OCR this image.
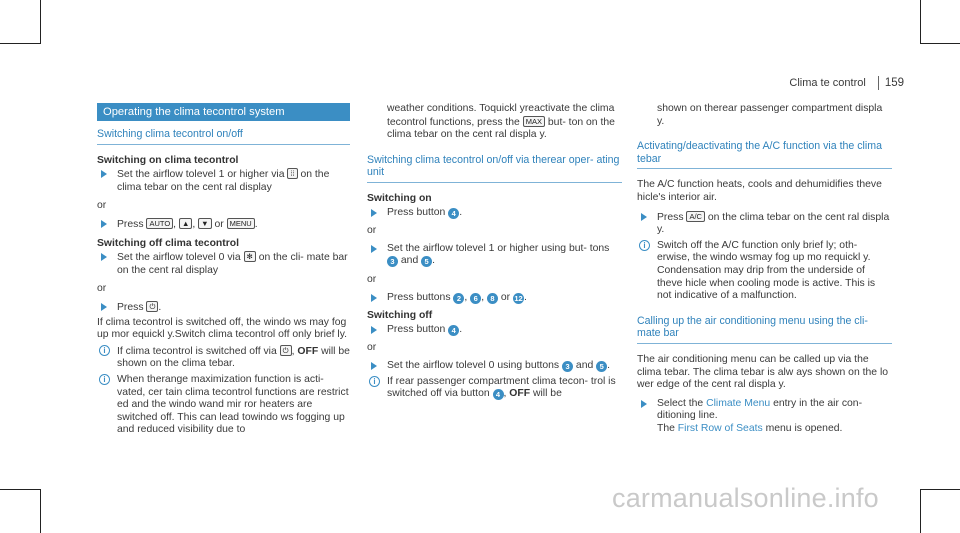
Clima te control 159
Operating the clima tecontrol system
Switching clima tecontrol on/off
Switching on clima tecontrol
Set the airflow tolevel 1 or higher via ⁞⁞ on the clima tebar on the cent ral display
or
Press AUTO , ▲ , ▼ or MENU .
Switching off clima tecontrol
Set the airflow tolevel 0 via ✻ on the cli‐ mate bar on the cent ral display
or
Press ⏻ .
If clima tecontrol is switched off, the windo ws may fog up mor equickl y.Switch clima tecontrol off only brief ly.
i	If clima tecontrol is switched off via ⏻ , OFF will be shown on the clima tebar.
i	When therange maximization function is acti‐ vated, cer tain clima tecontrol functions are restrict ed and the windo wand mir ror heaters are switched off. This can lead towindo ws fogging up and reduced visibility due to
weather conditions. Toquickl yreactivate the clima tecontrol functions, press the MAX but‐ ton on the clima tebar on the cent ral displa y.
Switching clima tecontrol on/off via therear oper‐ ating unit
Switching on
Press button 4 .
or
Set the airflow tolevel 1 or higher using but‐ tons 3 and 5 .
or
Press buttons 2 , 6 , 8 or 12.
Switching off
Press button 4 .
or
Set the airflow tolevel 0 using buttons 3 and 5 .
i	If rear passenger compartment clima tecon‐ trol is switched off via button 4 , OFF will be
shown on therear passenger compartment displa y.
Activating/deactivating the A/C function via the clima tebar
The A/C function heats, cools and dehumidifies theve hicle's interior air.
Press A/C on the clima tebar on the cent ral displa y.
i	Switch off the A/C function only brief ly; oth‐ erwise, the windo wsmay fog up mo requickl y. Condensation may drip from the underside of theve hicle when cooling mode is active. This is not indicative of a malfunction.
Calling up the air conditioning menu using the cli‐ mate bar
The air conditioning menu can be called up via the clima tebar. The clima tebar is alw ays shown on the lo wer edge of the cent ral displa y.
Select the Climate Menu entry in the air con‐ ditioning line.
The First Row of Seats menu is opened.
carmanualsonline.info
